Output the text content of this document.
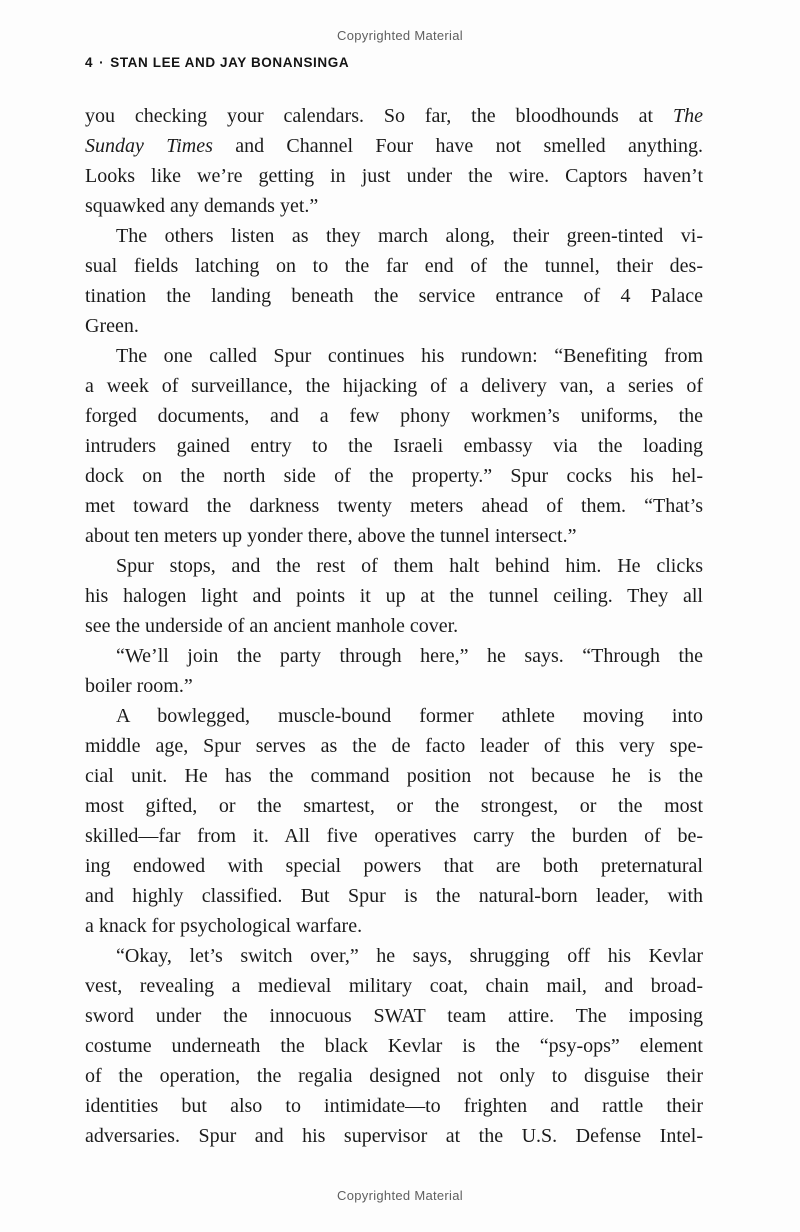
Copyrighted Material
4 · STAN LEE AND JAY BONANSINGA
you checking your calendars. So far, the bloodhounds at The
Sunday Times and Channel Four have not smelled anything.
Looks like we’re getting in just under the wire. Captors haven’t
squawked any demands yet.”
The others listen as they march along, their green-tinted vi-
sual fields latching on to the far end of the tunnel, their des-
tination the landing beneath the service entrance of 4 Palace
Green.
The one called Spur continues his rundown: “Benefiting from
a week of surveillance, the hijacking of a delivery van, a series of
forged documents, and a few phony workmen’s uniforms, the
intruders gained entry to the Israeli embassy via the loading
dock on the north side of the property.” Spur cocks his hel-
met toward the darkness twenty meters ahead of them. “That’s
about ten meters up yonder there, above the tunnel intersect.”
Spur stops, and the rest of them halt behind him. He clicks
his halogen light and points it up at the tunnel ceiling. They all
see the underside of an ancient manhole cover.
“We’ll join the party through here,” he says. “Through the
boiler room.”
A bowlegged, muscle-bound former athlete moving into
middle age, Spur serves as the de facto leader of this very spe-
cial unit. He has the command position not because he is the
most gifted, or the smartest, or the strongest, or the most
skilled—far from it. All five operatives carry the burden of be-
ing endowed with special powers that are both preternatural
and highly classified. But Spur is the natural-born leader, with
a knack for psychological warfare.
“Okay, let’s switch over,” he says, shrugging off his Kevlar
vest, revealing a medieval military coat, chain mail, and broad-
sword under the innocuous SWAT team attire. The imposing
costume underneath the black Kevlar is the “psy-ops” element
of the operation, the regalia designed not only to disguise their
identities but also to intimidate—to frighten and rattle their
adversaries. Spur and his supervisor at the U.S. Defense Intel-
Copyrighted Material
